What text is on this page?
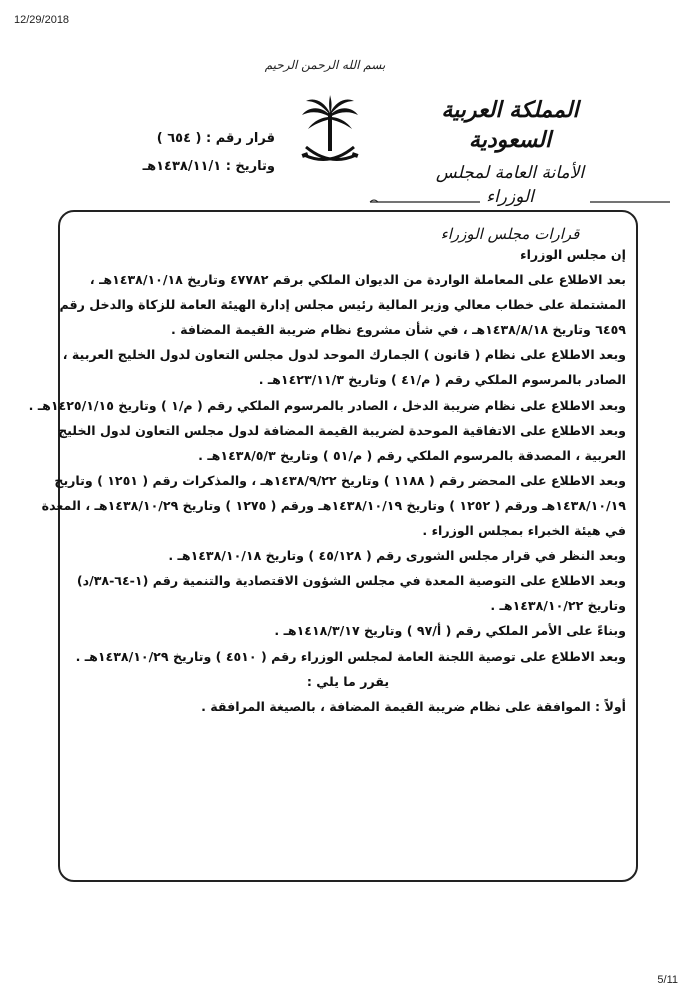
12/29/2018
بسم الله الرحمن الرحيم
المملكة العربية السعودية
الأمانة العامة لمجلس الوزراء
قرارات مجلس الوزراء
قرار رقم : ( ٦٥٤ )
وتاريخ : ١٤٣٨/١١/١هـ

إن مجلس الوزراء

بعد الاطلاع على المعاملة الواردة من الديوان الملكي برقم ٤٧٧٨٢ وتاريخ ١٤٣٨/١٠/١٨هـ ،

المشتملة على خطاب معالي وزير المالية رئيس مجلس إدارة الهيئة العامة للزكاة والدخل رقم

٦٤٥٩ وتاريخ ١٤٣٨/٨/١٨هـ ، في شأن مشروع نظام ضريبة القيمة المضافة .

وبعد الاطلاع على نظام ( قانون ) الجمارك الموحد لدول مجلس التعاون لدول الخليج العربية ،

الصادر بالمرسوم الملكي رقم ( م/٤١ ) وتاريخ ١٤٢٣/١١/٣هـ .

وبعد الاطلاع على نظام ضريبة الدخل ، الصادر بالمرسوم الملكي رقم ( م/١ ) وتاريخ ١٤٢٥/١/١٥هـ .

وبعد الاطلاع على الاتفاقية الموحدة لضريبة القيمة المضافة لدول مجلس التعاون لدول الخليج

العربية ، المصدقة بالمرسوم الملكي رقم ( م/٥١ ) وتاريخ ١٤٣٨/٥/٣هـ .

وبعد الاطلاع على المحضر رقم ( ١١٨٨ ) وتاريخ ١٤٣٨/٩/٢٢هـ ، والمذكرات رقم ( ١٢٥١ ) وتاريخ

١٤٣٨/١٠/١٩هـ ورقم ( ١٢٥٢ ) وتاريخ ١٤٣٨/١٠/١٩هـ ورقم ( ١٢٧٥ ) وتاريخ ١٤٣٨/١٠/٢٩هـ ، المعدة

في هيئة الخبراء بمجلس الوزراء .

وبعد النظر في قرار مجلس الشورى رقم ( ٤٥/١٢٨ ) وتاريخ ١٤٣٨/١٠/١٨هـ .

وبعد الاطلاع على التوصية المعدة في مجلس الشؤون الاقتصادية والتنمية رقم (١-٦٤-٣٨/د)

وتاريخ ١٤٣٨/١٠/٢٢هـ .

وبناءً على الأمر الملكي رقم ( أ/٩٧ ) وتاريخ ١٤١٨/٣/١٧هـ .

وبعد الاطلاع على توصية اللجنة العامة لمجلس الوزراء رقم ( ٤٥١٠ ) وتاريخ ١٤٣٨/١٠/٢٩هـ .

يقرر ما يلي :

أولاً : الموافقة على نظام ضريبة القيمة المضافة ، بالصيغة المرافقة .

5/11
